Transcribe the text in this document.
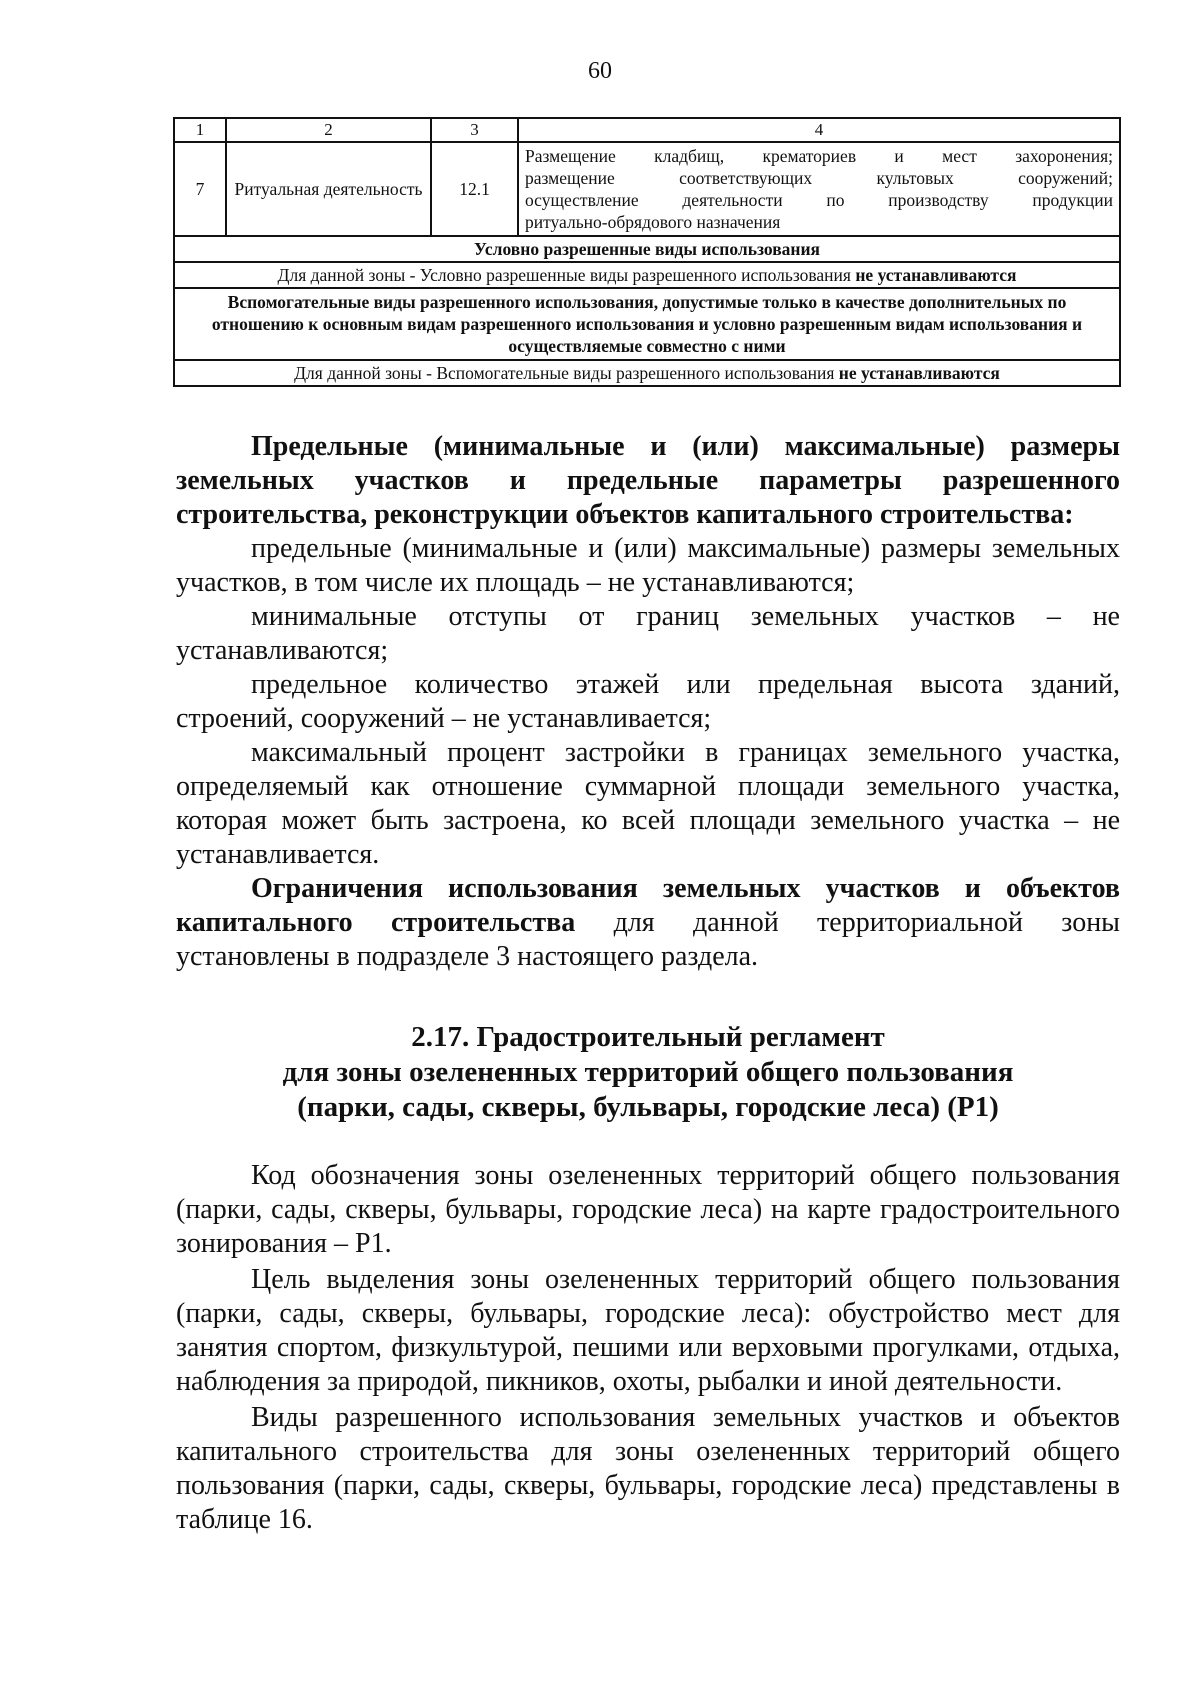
60
1	2	3	4
7	Ритуальная деятельность	12.1	Размещение кладбищ, крематориев и мест захоронения;
размещение соответствующих культовых сооружений;
осуществление деятельности по производству продукции
ритуально-обрядового назначения

Условно разрешенные виды использования			
Для данной зоны - Условно разрешенные виды разрешенного использования не устанавливаются			
Вспомогательные виды разрешенного использования, допустимые только в качестве дополнительных по отношению к основным видам разрешенного использования и условно разрешенным видам использования и осуществляемые совместно с ними			
Для данной зоны - Вспомогательные виды разрешенного использования не устанавливаются			

Предельные (минимальные и (или) максимальные) размеры земельных участков и предельные параметры разрешенного строительства, реконструкции объектов капитального строительства:

предельные (минимальные и (или) максимальные) размеры земельных участков, в том числе их площадь – не устанавливаются;

минимальные отступы от границ земельных участков – не устанавливаются;

предельное количество этажей или предельная высота зданий, строений, сооружений – не устанавливается;

максимальный процент застройки в границах земельного участка, определяемый как отношение суммарной площади земельного участка, которая может быть застроена, ко всей площади земельного участка – не устанавливается.

Ограничения использования земельных участков и объектов капитального строительства для данной территориальной зоны установлены в подразделе 3 настоящего раздела.

2.17. Градостроительный регламент
для зоны озелененных территорий общего пользования
(парки, сады, скверы, бульвары, городские леса) (Р1)

Код обозначения зоны озелененных территорий общего пользования (парки, сады, скверы, бульвары, городские леса) на карте градостроительного зонирования – Р1.

Цель выделения зоны озелененных территорий общего пользования (парки, сады, скверы, бульвары, городские леса): обустройство мест для занятия спортом, физкультурой, пешими или верховыми прогулками, отдыха, наблюдения за природой, пикников, охоты, рыбалки и иной деятельности.

Виды разрешенного использования земельных участков и объектов капитального строительства для зоны озелененных территорий общего пользования (парки, сады, скверы, бульвары, городские леса) представлены в таблице 16.
